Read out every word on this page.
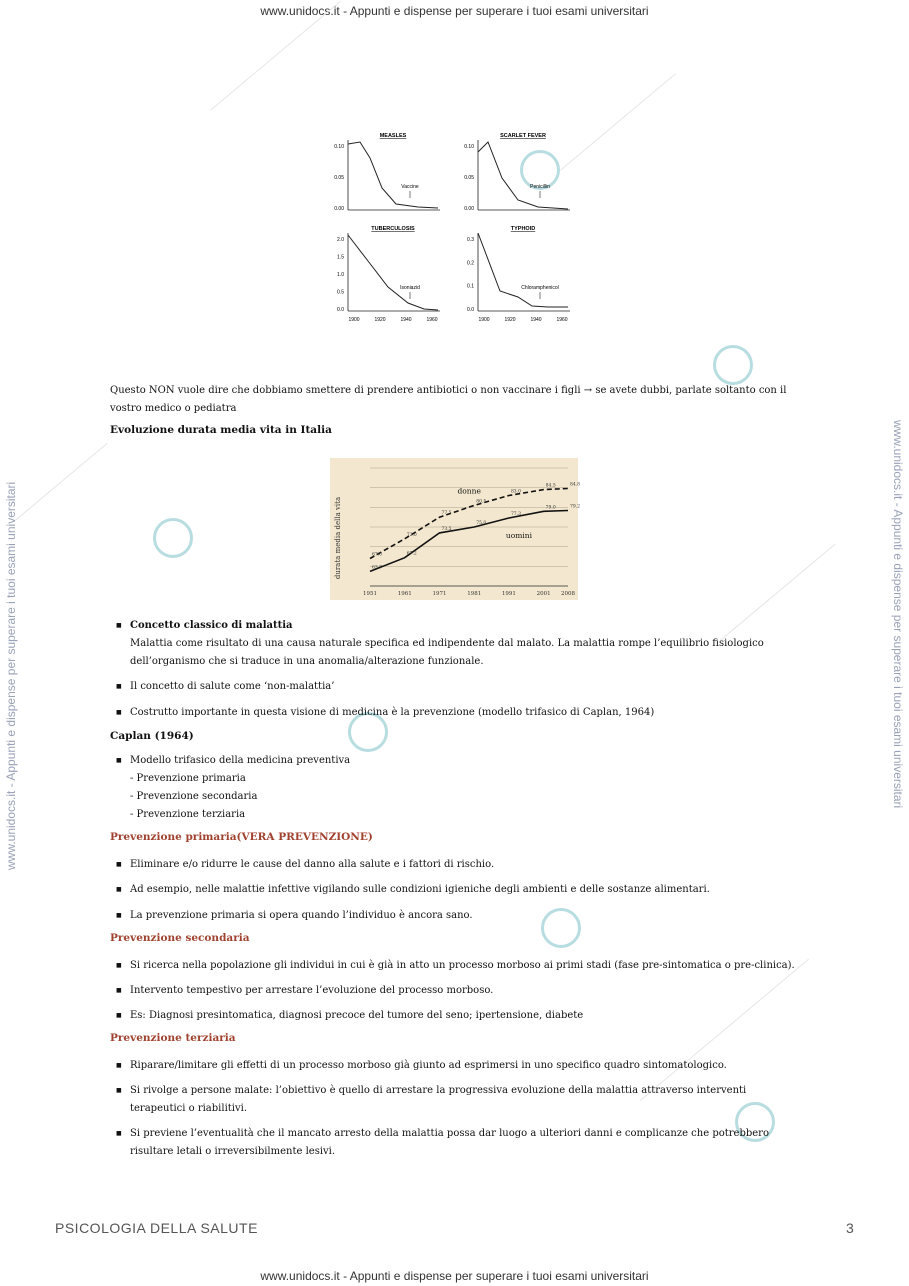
www.unidocs.it - Appunti e dispense per superare i tuoi esami universitari
www.unidocs.it - Appunti e dispense per superare i tuoi esami universitari
www.unidocs.it - Appunti e dispense per superare i tuoi esami universitari	www.unidocs.it - Appunti e dispense per superare i tuoi esami universitari
MEASLES
0.10
0.05
0.00
Vaccine
SCARLET FEVER
0.10
0.05
0.00
Penicillin
TUBERCULOSIS
2.0
1.5
1.0
0.5
0.0
Isoniazid
1900	1920	1940	1960
TYPHOID
0.3
0.2
0.1
0.0
Chloramphenicol
1900	1920	1940	1960
Questo NON vuole dire che dobbiamo smettere di prendere antibiotici o non vaccinare i figli → se avete dubbi, parlate soltanto con il vostro medico o pediatra
Evoluzione durata media vita in Italia
67.0
72.0
77.5
80.5
83.0
84.5	84.8
63.7
67.2
73.5
75.0
77.3
79.0	79.2
durata media della vita
donne
uomini
1951	1961	1971	1981	1991	2001 2008
■ Concetto classico di malattia
Malattia come risultato di una causa naturale specifica ed indipendente dal malato. La malattia rompe l’equilibrio fisiologico dell’organismo che si traduce in una anomalia/alterazione funzionale.
■ Il concetto di salute come ‘non-malattia’
■ Costrutto importante in questa visione di medicina è la prevenzione (modello trifasico di Caplan, 1964)
Caplan (1964)
■ Modello trifasico della medicina preventiva
- Prevenzione primaria
- Prevenzione secondaria
- Prevenzione terziaria
Prevenzione primaria(VERA PREVENZIONE)
■ Eliminare e/o ridurre le cause del danno alla salute e i fattori di rischio.
■ Ad esempio, nelle malattie infettive vigilando sulle condizioni igieniche degli ambienti e delle sostanze alimentari.
■ La prevenzione primaria si opera quando l’individuo è ancora sano.
Prevenzione secondaria
■ Si ricerca nella popolazione gli individui in cui è già in atto un processo morboso ai primi stadi (fase pre-sintomatica o pre-clinica).
■ Intervento tempestivo per arrestare l’evoluzione del processo morboso.
■ Es: Diagnosi presintomatica, diagnosi precoce del tumore del seno; ipertensione, diabete
Prevenzione terziaria
■ Riparare/limitare gli effetti di un processo morboso già giunto ad esprimersi in uno specifico quadro sintomatologico.
■ Si rivolge a persone malate: l’obiettivo è quello di arrestare la progressiva evoluzione della malattia attraverso interventi terapeutici o riabilitivi.
■ Si previene l’eventualità che il mancato arresto della malattia possa dar luogo a ulteriori danni e complicanze che potrebbero risultare letali o irreversibilmente lesivi.
PSICOLOGIA DELLA SALUTE	3
